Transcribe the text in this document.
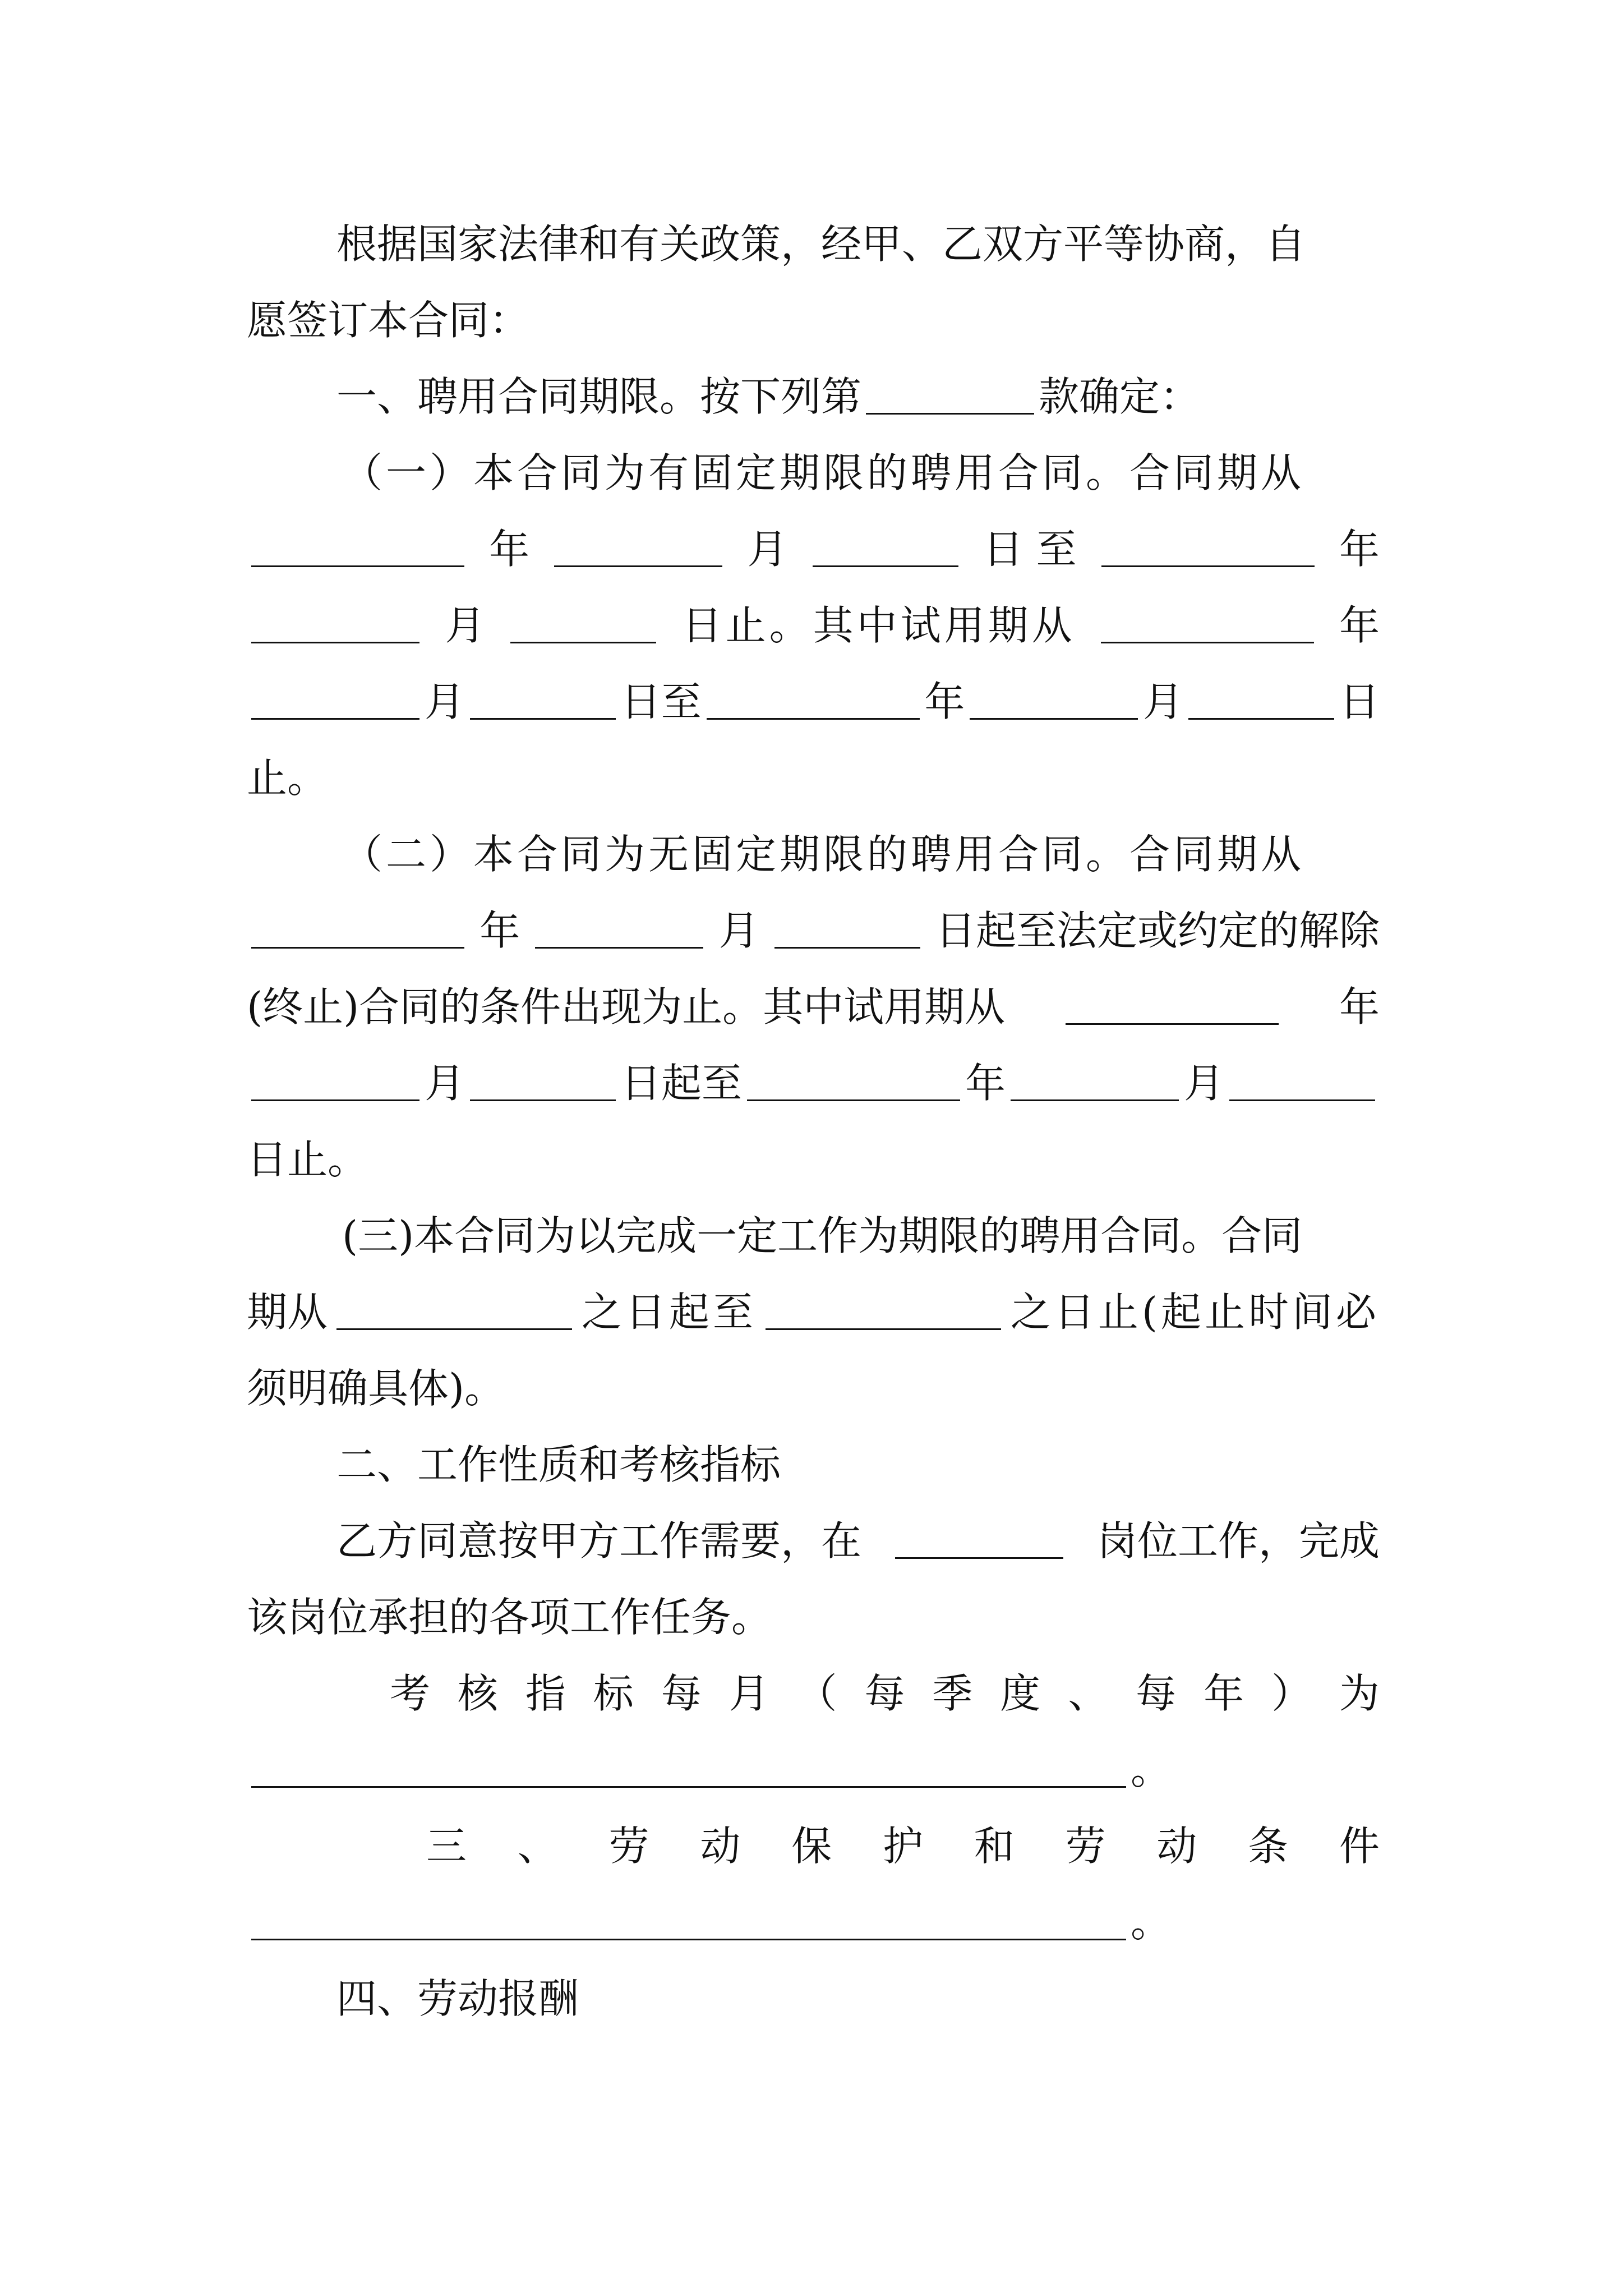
根据国家法律和有关政策，经甲、乙双方平等协商，自
愿签订本合同：
一、聘用合同期限。按下列第	款确定：
（一）本合同为有固定期限的聘用合同。合同期从
年	月	日 至	年
月	日止。其中试用期从	年
月	日至	年	月	日
止。
（二）本合同为无固定期限的聘用合同。合同期从
年	月	日起至法定或约定的解除
(终止)合同的条件出现为止。其中试用期从	年
月	日起至	年	月
日止。
(三)本合同为以完成一定工作为期限的聘用合同。合同
期从	之日起至	之日止(起止时间必
须明确具体)。
二、工作性质和考核指标
乙方同意按甲方工作需要，在	岗位工作，完成
该岗位承担的各项工作任务。
考 核 指 标 每 月 （ 每 季 度 、 每 年 ） 为
。
三 、 劳 动 保 护 和 劳 动 条 件
。
四、劳动报酬
